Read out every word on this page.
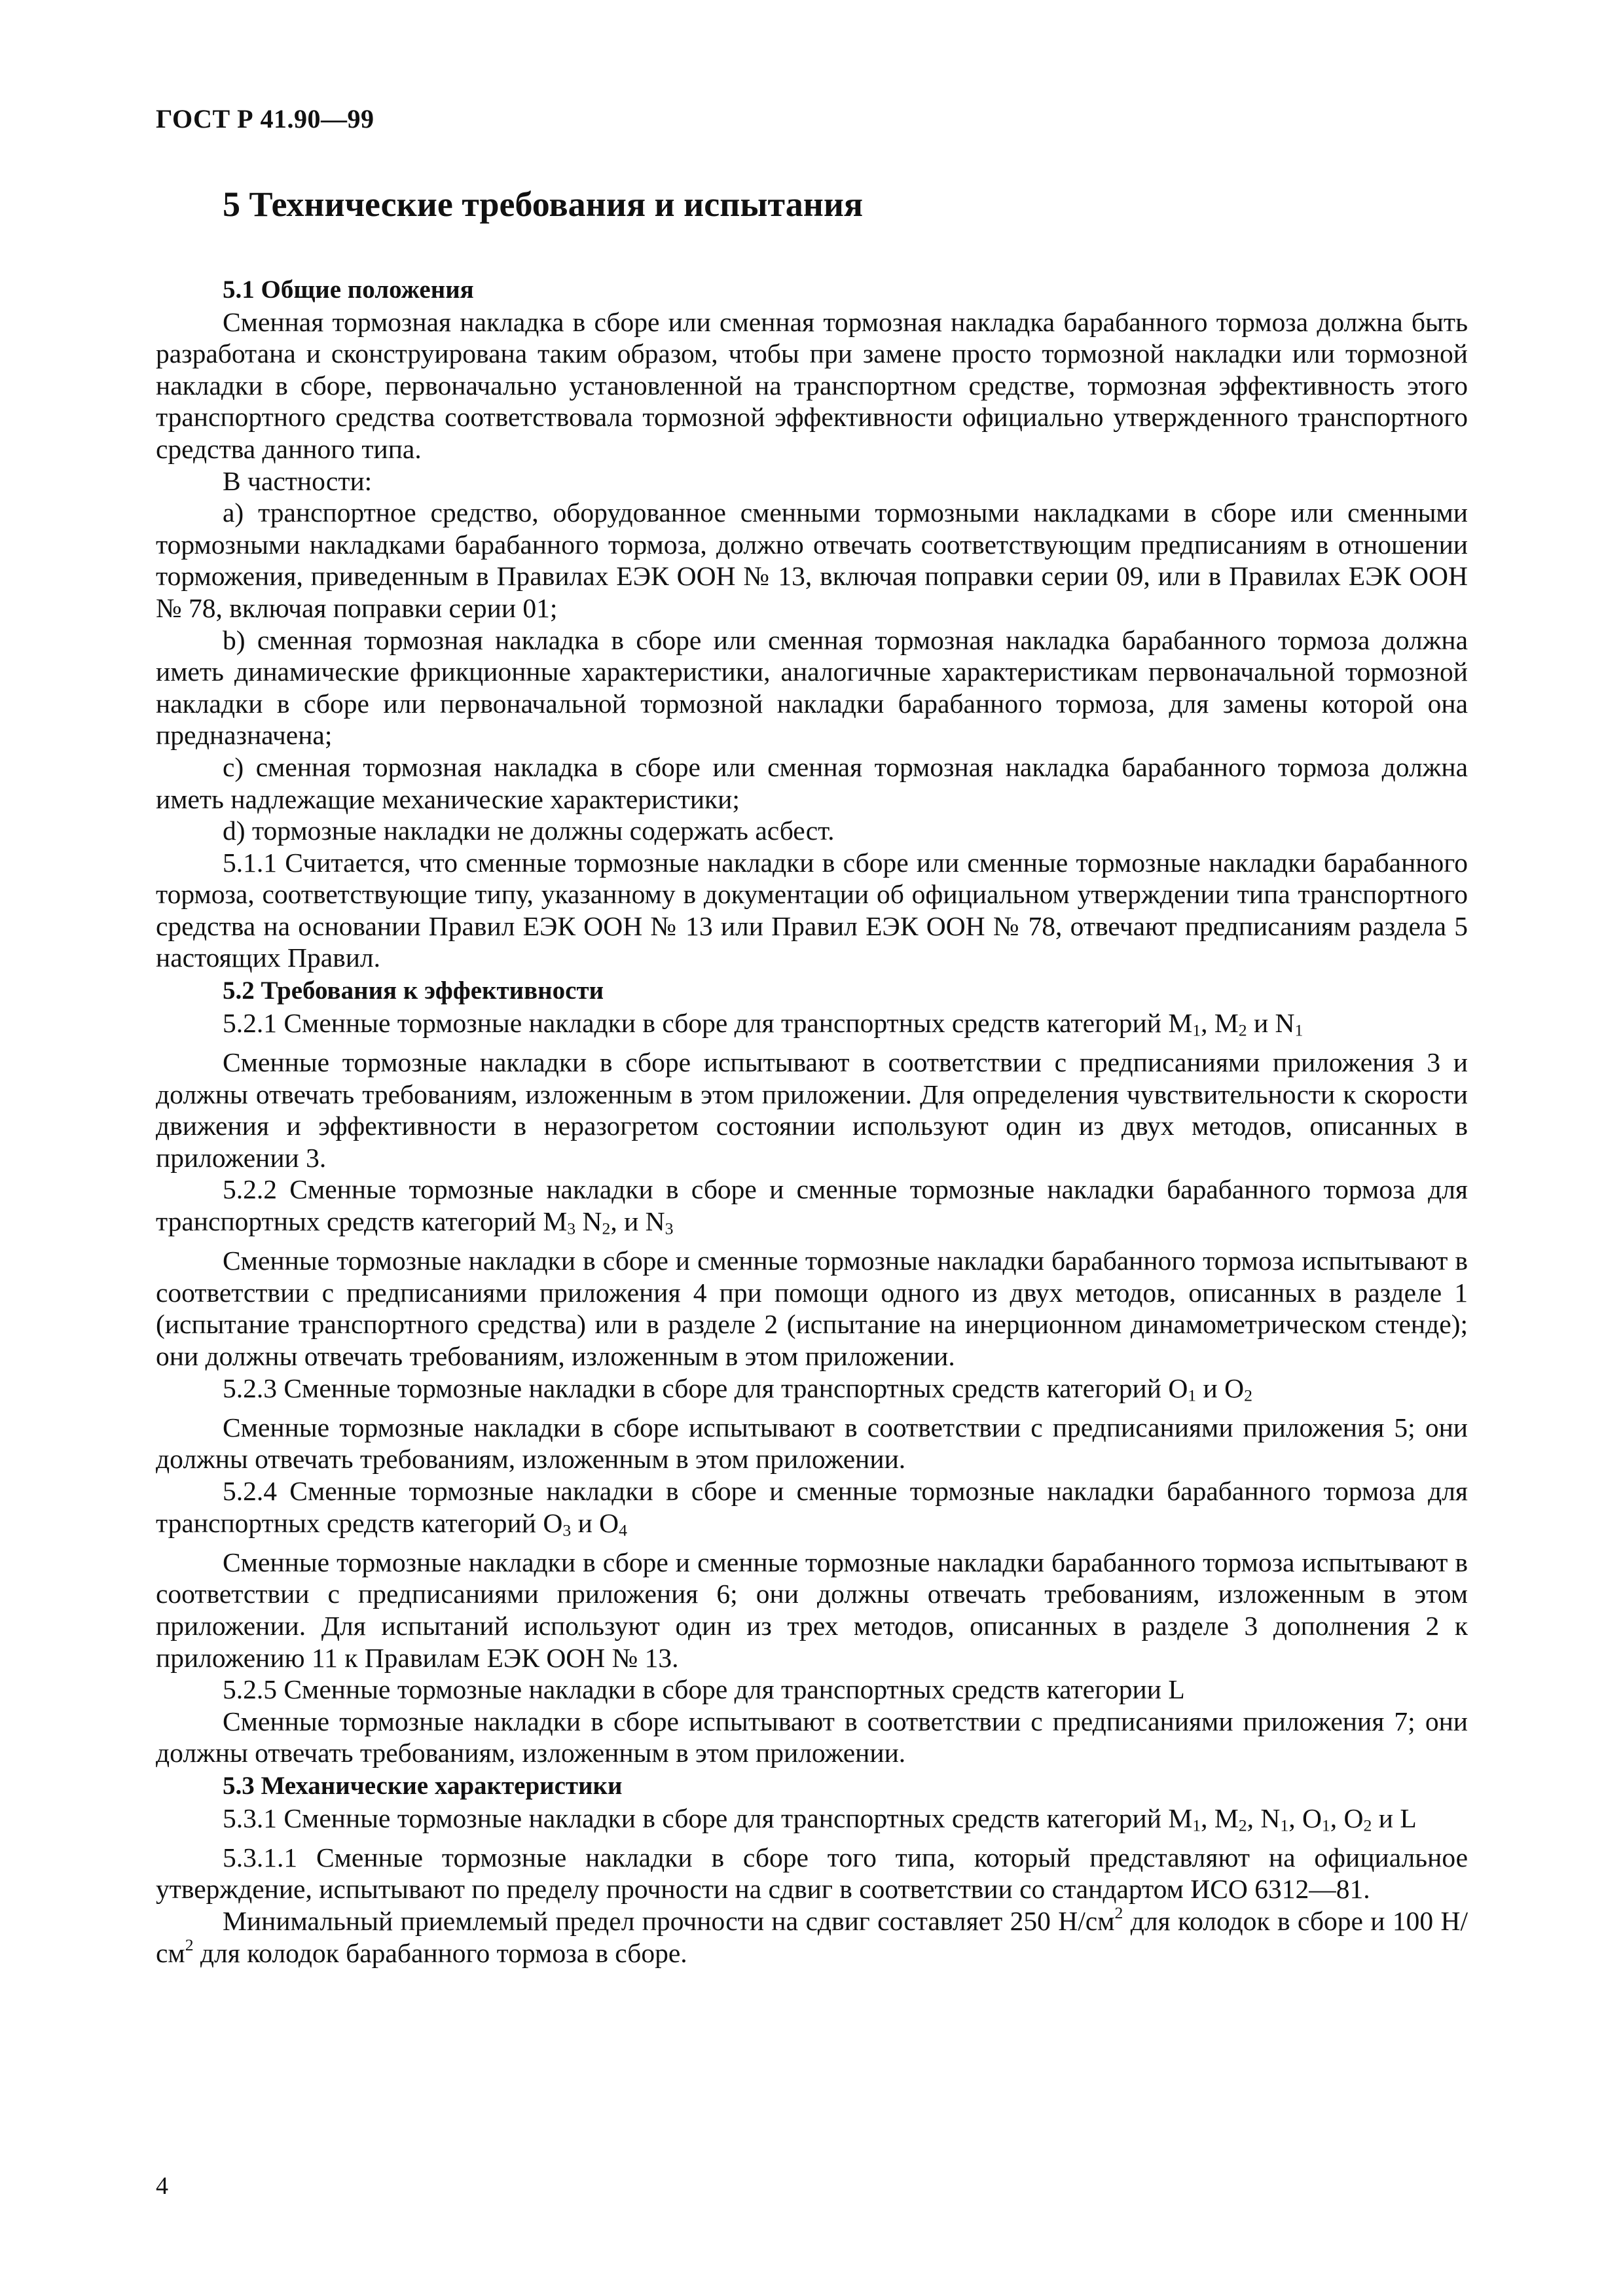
ГОСТ Р 41.90—99
5 Технические требования и испытания

5.1 Общие положения

Сменная тормозная накладка в сборе или сменная тормозная накладка барабанного тормоза должна быть разработана и сконструирована таким образом, чтобы при замене просто тормозной накладки или тормозной накладки в сборе, первоначально установленной на транспортном средстве, тормозная эффективность этого транспортного средства соответствовала тормозной эффективности официально утвержденного транспортного средства данного типа.

В частности:

a) транспортное средство, оборудованное сменными тормозными накладками в сборе или сменными тормозными накладками барабанного тормоза, должно отвечать соответствующим предписаниям в отношении торможения, приведенным в Правилах ЕЭК ООН № 13, включая поправки серии 09, или в Правилах ЕЭК ООН № 78, включая поправки серии 01;

b) сменная тормозная накладка в сборе или сменная тормозная накладка барабанного тормоза должна иметь динамические фрикционные характеристики, аналогичные характеристикам первоначальной тормозной накладки в сборе или первоначальной тормозной накладки барабанного тормоза, для замены которой она предназначена;

c) сменная тормозная накладка в сборе или сменная тормозная накладка барабанного тормоза должна иметь надлежащие механические характеристики;

d) тормозные накладки не должны содержать асбест.

5.1.1 Считается, что сменные тормозные накладки в сборе или сменные тормозные накладки барабанного тормоза, соответствующие типу, указанному в документации об официальном утверждении типа транспортного средства на основании Правил ЕЭК ООН № 13 или Правил ЕЭК ООН № 78, отвечают предписаниям раздела 5 настоящих Правил.

5.2 Требования к эффективности

5.2.1 Сменные тормозные накладки в сборе для транспортных средств категорий $M_1$, $M_2$ и $N_1$

Сменные тормозные накладки в сборе испытывают в соответствии с предписаниями приложения 3 и должны отвечать требованиям, изложенным в этом приложении. Для определения чувствительности к скорости движения и эффективности в неразогретом состоянии используют один из двух методов, описанных в приложении 3.

5.2.2 Сменные тормозные накладки в сборе и сменные тормозные накладки барабанного тормоза для транспортных средств категорий $M_3$ $N_2$, и $N_3$

Сменные тормозные накладки в сборе и сменные тормозные накладки барабанного тормоза испытывают в соответствии с предписаниями приложения 4 при помощи одного из двух методов, описанных в разделе 1 (испытание транспортного средства) или в разделе 2 (испытание на инерционном динамометрическом стенде); они должны отвечать требованиям, изложенным в этом приложении.

5.2.3 Сменные тормозные накладки в сборе для транспортных средств категорий $O_1$ и $O_2$

Сменные тормозные накладки в сборе испытывают в соответствии с предписаниями приложения 5; они должны отвечать требованиям, изложенным в этом приложении.

5.2.4 Сменные тормозные накладки в сборе и сменные тормозные накладки барабанного тормоза для транспортных средств категорий $O_3$ и $O_4$

Сменные тормозные накладки в сборе и сменные тормозные накладки барабанного тормоза испытывают в соответствии с предписаниями приложения 6; они должны отвечать требованиям, изложенным в этом приложении. Для испытаний используют один из трех методов, описанных в разделе 3 дополнения 2 к приложению 11 к Правилам ЕЭК ООН № 13.

5.2.5 Сменные тормозные накладки в сборе для транспортных средств категории L

Сменные тормозные накладки в сборе испытывают в соответствии с предписаниями приложения 7; они должны отвечать требованиям, изложенным в этом приложении.

5.3 Механические характеристики

5.3.1 Сменные тормозные накладки в сборе для транспортных средств категорий $M_1$, $M_2$, $N_1$, $O_1$, $O_2$ и L

5.3.1.1 Сменные тормозные накладки в сборе того типа, который представляют на официальное утверждение, испытывают по пределу прочности на сдвиг в соответствии со стандартом ИСО 6312—81.

Минимальный приемлемый предел прочности на сдвиг составляет 250 $Н/см^2$ для колодок в сборе и 100 $Н/см^2$ для колодок барабанного тормоза в сборе.

4
